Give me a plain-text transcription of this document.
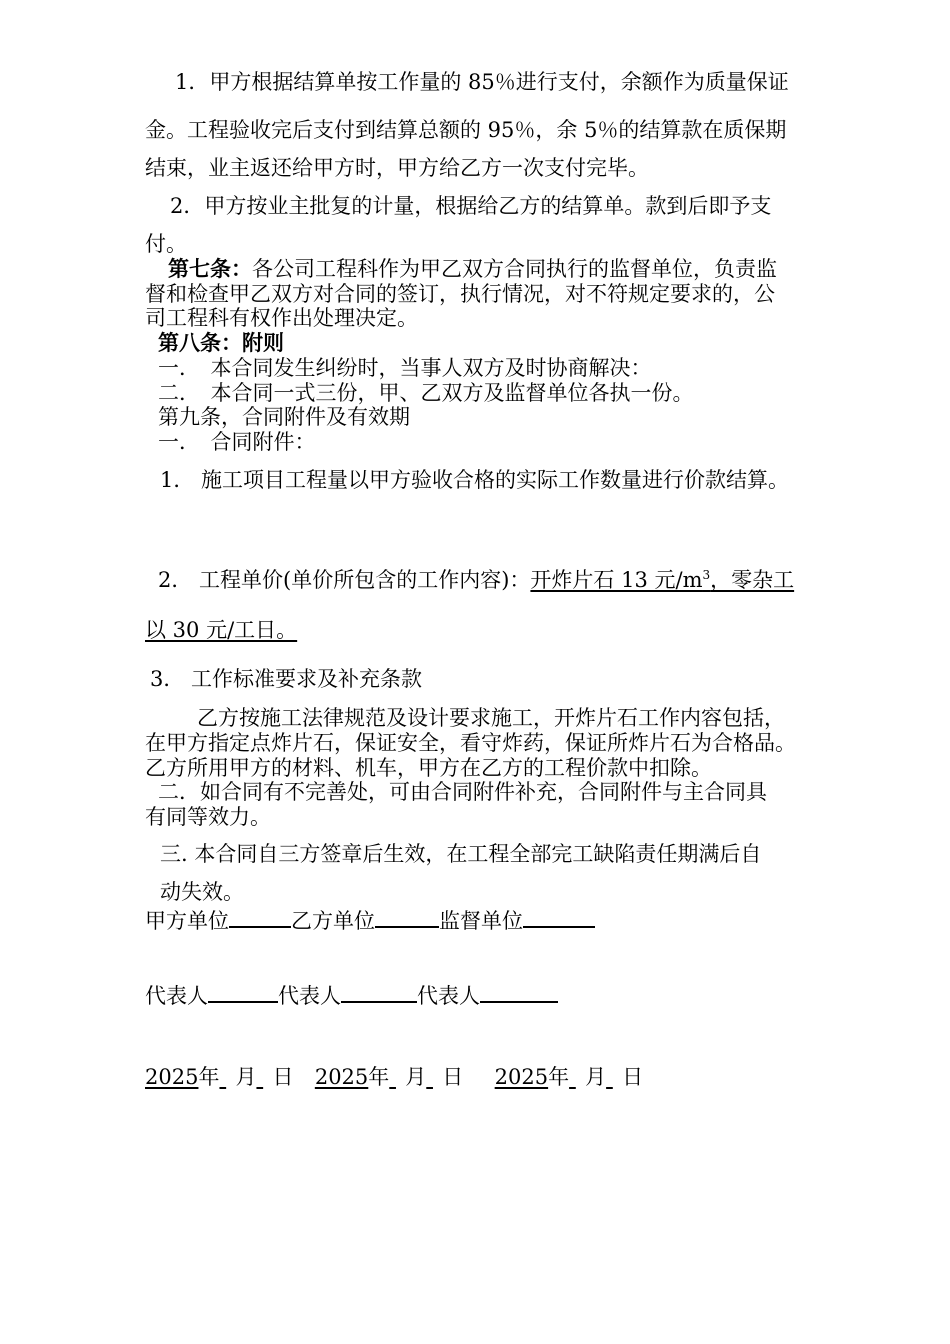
1．甲方根据结算单按工作量的 85％进行支付，余额作为质量保证
金。工程验收完后支付到结算总额的 95％，余 5％的结算款在质保期
结束，业主返还给甲方时，甲方给乙方一次支付完毕。
2．甲方按业主批复的计量，根据给乙方的结算单。款到后即予支
付。
第七条：各公司工程科作为甲乙双方合同执行的监督单位，负责监
督和检查甲乙双方对合同的签订，执行情况，对不符规定要求的，公
司工程科有权作出处理决定。
第八条：附则
一．　本合同发生纠纷时，当事人双方及时协商解决：
二．　本合同一式三份，甲、乙双方及监督单位各执一份。
第九条，合同附件及有效期
一．　合同附件：
1． 施工项目工程量以甲方验收合格的实际工作数量进行价款结算。
2． 工程单价(单价所包含的工作内容)：开炸片石 13 元$/m^3$，零杂工
以 30 元/工日。
3． 工作标准要求及补充条款
乙方按施工法律规范及设计要求施工，开炸片石工作内容包括，
在甲方指定点炸片石，保证安全，看守炸药，保证所炸片石为合格品。
乙方所用甲方的材料、机车，甲方在乙方的工程价款中扣除。
二．如合同有不完善处，可由合同附件补充，合同附件与主合同具
有同等效力。
三. 本合同自三方签章后生效，在工程全部完工缺陷责任期满后自
动失效。
甲方单位	乙方单位	监督单位
代表人	代表人	代表人
2025年 月 日 2025年 月 日 2025年 月 日
